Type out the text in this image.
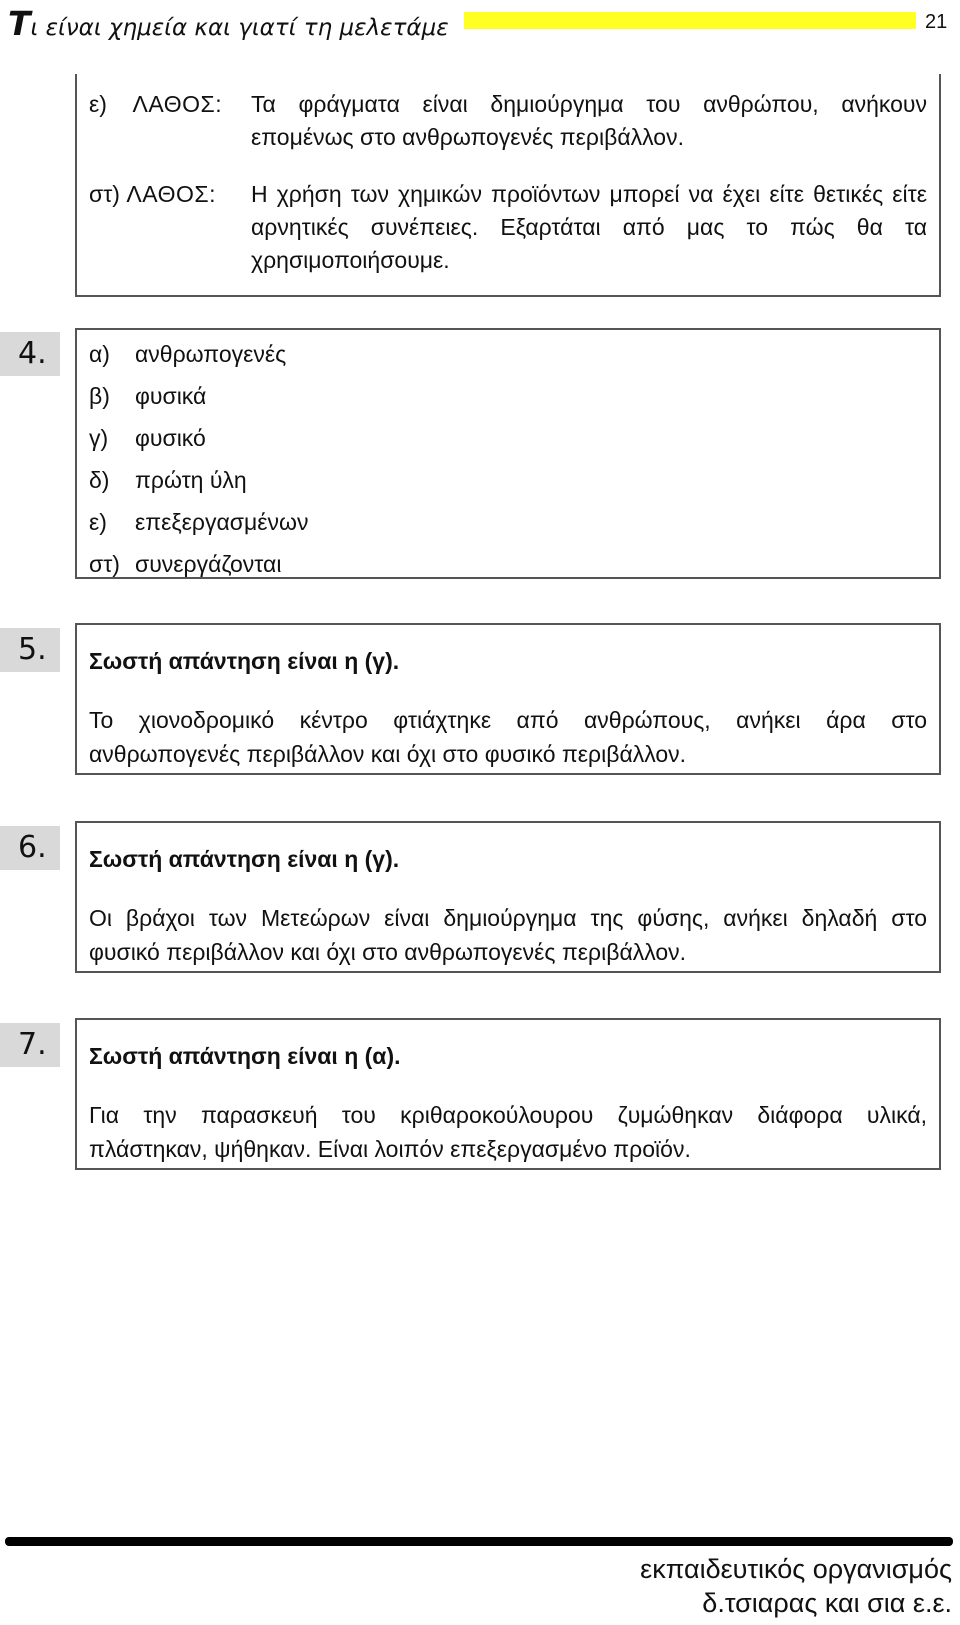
Τι είναι χημεία και γιατί τη μελετάμε	21
ε) ΛΑΘΟΣ: Τα φράγματα είναι δημιούργημα του ανθρώπου, ανήκουν επομένως στο ανθρωπογενές περιβάλλον.
στ) ΛΑΘΟΣ: Η χρήση των χημικών προϊόντων μπορεί να έχει είτε θετικές είτε αρνητικές συνέπειες. Εξαρτάται από μας το πώς θα τα χρησιμοποιήσουμε.
4.	α) ανθρωπογενές
β) φυσικά
γ) φυσικό
δ) πρώτη ύλη
ε) επεξεργασμένων
στ) συνεργάζονται
5.	Σωστή απάντηση είναι η (γ).
Το χιονοδρομικό κέντρο φτιάχτηκε από ανθρώπους, ανήκει άρα στο ανθρωπογενές περιβάλλον και όχι στο φυσικό περιβάλλον.
6.	Σωστή απάντηση είναι η (γ).
Οι βράχοι των Μετεώρων είναι δημιούργημα της φύσης, ανήκει δηλαδή στο φυσικό περιβάλλον και όχι στο ανθρωπογενές περιβάλλον.
7.	Σωστή απάντηση είναι η (α).
Για την παρασκευή του κριθαροκούλουρου ζυμώθηκαν διάφορα υλικά, πλάστηκαν, ψήθηκαν. Είναι λοιπόν επεξεργασμένο προϊόν.
εκπαιδευτικός οργανισμός
δ.τσιαρας και σια ε.ε.
